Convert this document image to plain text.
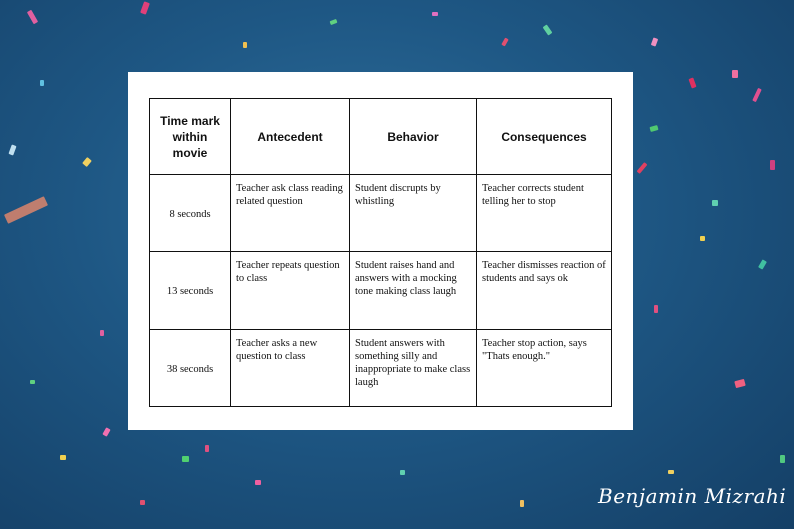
Time mark within movie	Antecedent	Behavior	Consequences

8 seconds	Teacher ask class reading related question	Student discrupts by whistling	Teacher corrects student telling her to stop

13 seconds	Teacher repeats question to class	Student raises hand and answers with a mocking tone making class laugh	Teacher dismisses reaction of students and says ok

38 seconds	Teacher asks a new question to class	Student answers with something silly and inappropriate to make class laugh	Teacher stop action, says "Thats enough."
Benjamin Mizrahi
